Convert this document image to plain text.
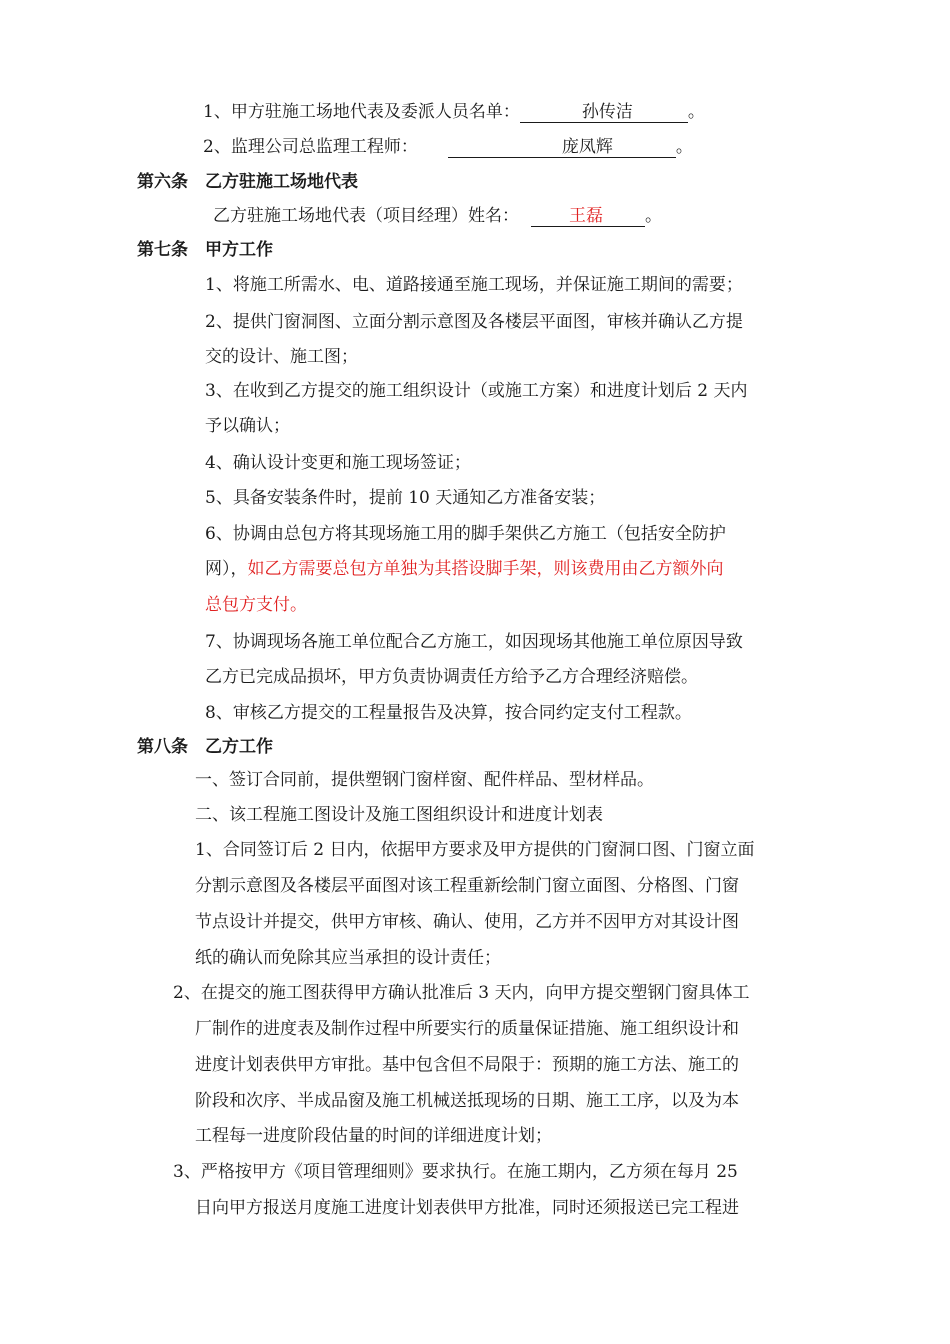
1、甲方驻施工场地代表及委派人员名单：	孙传洁	。
2、监理公司总监理工程师：	庞凤辉	。
第六条　乙方驻施工场地代表
乙方驻施工场地代表（项目经理）姓名：	王磊 。
第七条　甲方工作
1、将施工所需水、电、道路接通至施工现场，并保证施工期间的需要；
2、提供门窗洞图、立面分割示意图及各楼层平面图，审核并确认乙方提
交的设计、施工图；
3、在收到乙方提交的施工组织设计（或施工方案）和进度计划后 2 天内
予以确认；
4、确认设计变更和施工现场签证；
5、具备安装条件时，提前 10 天通知乙方准备安装；
6、协调由总包方将其现场施工用的脚手架供乙方施工（包括安全防护
网），如乙方需要总包方单独为其搭设脚手架，则该费用由乙方额外向
总包方支付。
7、协调现场各施工单位配合乙方施工，如因现场其他施工单位原因导致
乙方已完成品损坏，甲方负责协调责任方给予乙方合理经济赔偿。
8、审核乙方提交的工程量报告及决算，按合同约定支付工程款。
第八条　乙方工作
一、签订合同前，提供塑钢门窗样窗、配件样品、型材样品。
二、该工程施工图设计及施工图组织设计和进度计划表
1、合同签订后 2 日内，依据甲方要求及甲方提供的门窗洞口图、门窗立面
分割示意图及各楼层平面图对该工程重新绘制门窗立面图、分格图、门窗
节点设计并提交，供甲方审核、确认、使用，乙方并不因甲方对其设计图
纸的确认而免除其应当承担的设计责任；
2、在提交的施工图获得甲方确认批准后 3 天内，向甲方提交塑钢门窗具体工
厂制作的进度表及制作过程中所要实行的质量保证措施、施工组织设计和
进度计划表供甲方审批。基中包含但不局限于：预期的施工方法、施工的
阶段和次序、半成品窗及施工机械送抵现场的日期、施工工序，以及为本
工程每一进度阶段估量的时间的详细进度计划；
3、严格按甲方《项目管理细则》要求执行。在施工期内，乙方须在每月 25
日向甲方报送月度施工进度计划表供甲方批准，同时还须报送已完工程进
